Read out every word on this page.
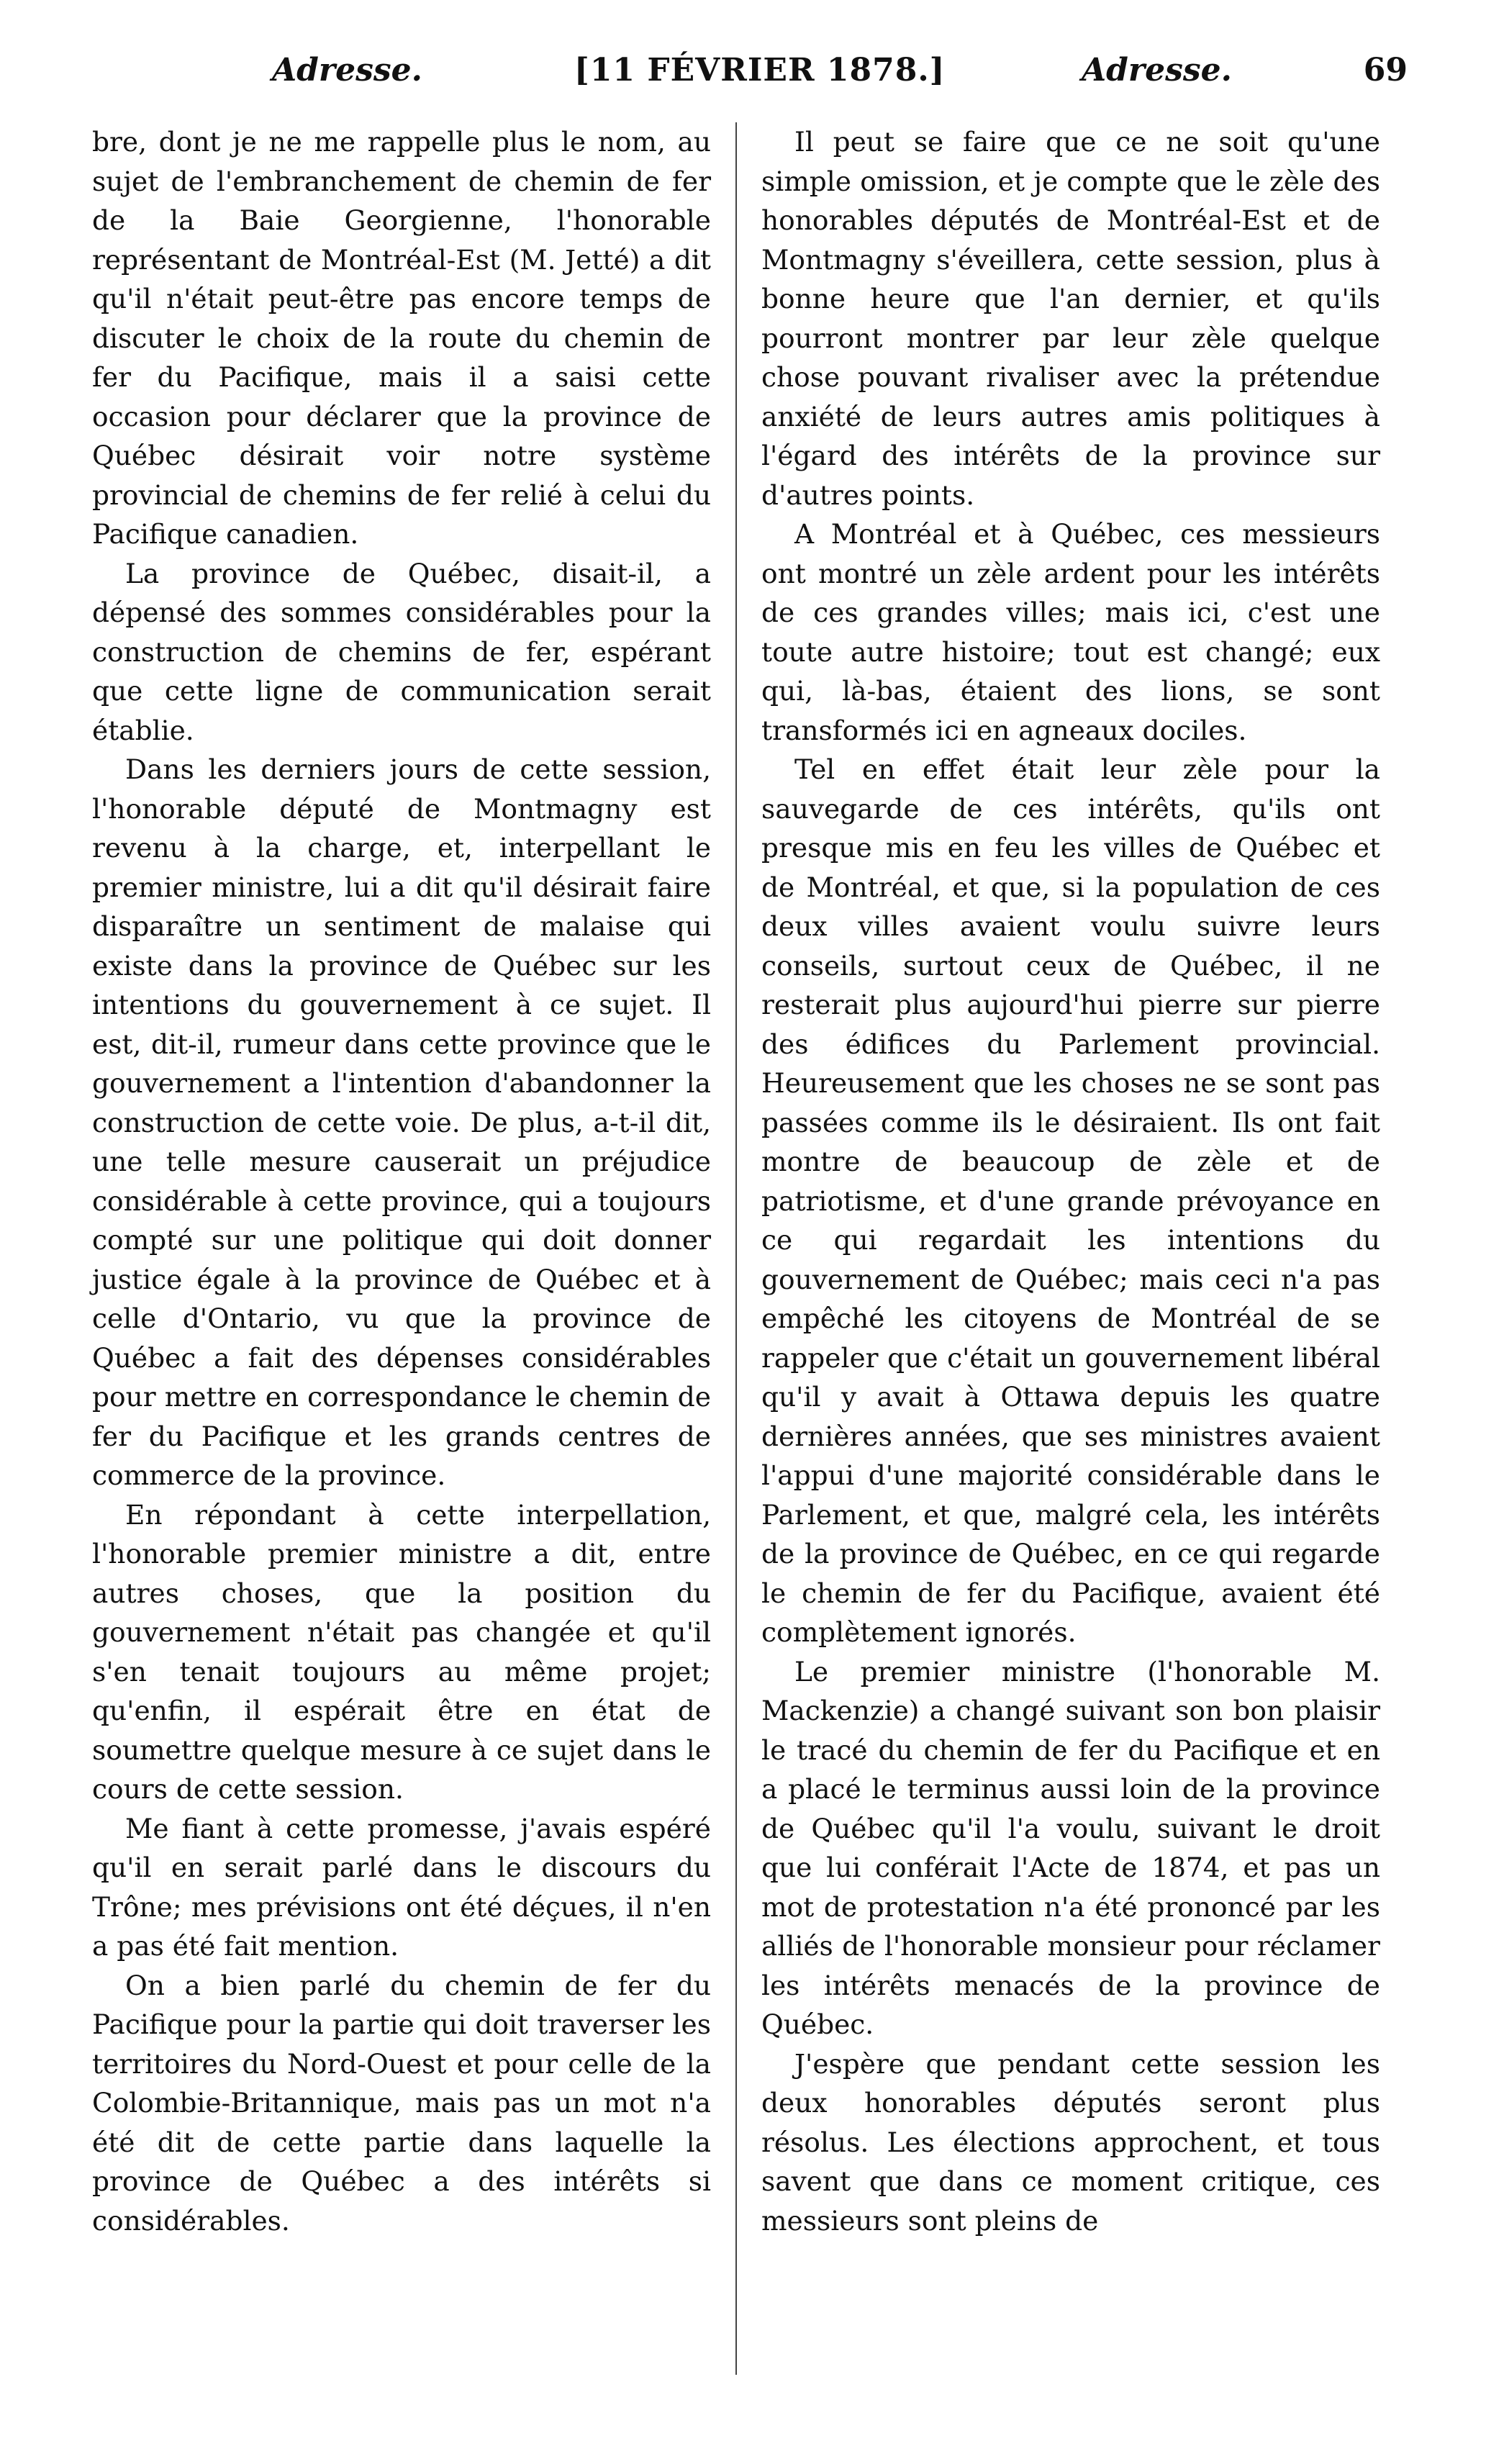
Adresse.	[11 FÉVRIER 1878.]	Adresse.	69

bre, dont je ne me rappelle plus le nom, au sujet de l'embranchement de chemin de fer de la Baie Georgienne, l'honorable représentant de Montréal-Est (M. Jetté) a dit qu'il n'était peut-être pas encore temps de discuter le choix de la route du chemin de fer du Pacifique, mais il a saisi cette occasion pour déclarer que la province de Québec désirait voir notre système provincial de chemins de fer relié à celui du Pacifique canadien.

La province de Québec, disait-il, a dépensé des sommes considérables pour la construction de chemins de fer, espérant que cette ligne de communication serait établie.

Dans les derniers jours de cette session, l'honorable député de Montmagny est revenu à la charge, et, interpellant le premier ministre, lui a dit qu'il désirait faire disparaître un sentiment de malaise qui existe dans la province de Québec sur les intentions du gouvernement à ce sujet. Il est, dit-il, rumeur dans cette province que le gouvernement a l'intention d'abandonner la construction de cette voie. De plus, a-t-il dit, une telle mesure causerait un préjudice considérable à cette province, qui a toujours compté sur une politique qui doit donner justice égale à la province de Québec et à celle d'Ontario, vu que la province de Québec a fait des dépenses considérables pour mettre en correspondance le chemin de fer du Pacifique et les grands centres de commerce de la province.

En répondant à cette interpellation, l'honorable premier ministre a dit, entre autres choses, que la position du gouvernement n'était pas changée et qu'il s'en tenait toujours au même projet; qu'enfin, il espérait être en état de soumettre quelque mesure à ce sujet dans le cours de cette session.

Me fiant à cette promesse, j'avais espéré qu'il en serait parlé dans le discours du Trône; mes prévisions ont été déçues, il n'en a pas été fait mention.

On a bien parlé du chemin de fer du Pacifique pour la partie qui doit traverser les territoires du Nord-Ouest et pour celle de la Colombie-Britannique, mais pas un mot n'a été dit de cette partie dans laquelle la province de Québec a des intérêts si considérables.

Il peut se faire que ce ne soit qu'une simple omission, et je compte que le zèle des honorables députés de Montréal-Est et de Montmagny s'éveillera, cette session, plus à bonne heure que l'an dernier, et qu'ils pourront montrer par leur zèle quelque chose pouvant rivaliser avec la prétendue anxiété de leurs autres amis politiques à l'égard des intérêts de la province sur d'autres points.

A Montréal et à Québec, ces messieurs ont montré un zèle ardent pour les intérêts de ces grandes villes; mais ici, c'est une toute autre histoire; tout est changé; eux qui, là-bas, étaient des lions, se sont transformés ici en agneaux dociles.

Tel en effet était leur zèle pour la sauvegarde de ces intérêts, qu'ils ont presque mis en feu les villes de Québec et de Montréal, et que, si la population de ces deux villes avaient voulu suivre leurs conseils, surtout ceux de Québec, il ne resterait plus aujourd'hui pierre sur pierre des édifices du Parlement provincial. Heureusement que les choses ne se sont pas passées comme ils le désiraient. Ils ont fait montre de beaucoup de zèle et de patriotisme, et d'une grande prévoyance en ce qui regardait les intentions du gouvernement de Québec; mais ceci n'a pas empêché les citoyens de Montréal de se rappeler que c'était un gouvernement libéral qu'il y avait à Ottawa depuis les quatre dernières années, que ses ministres avaient l'appui d'une majorité considérable dans le Parlement, et que, malgré cela, les intérêts de la province de Québec, en ce qui regarde le chemin de fer du Pacifique, avaient été complètement ignorés.

Le premier ministre (l'honorable M. Mackenzie) a changé suivant son bon plaisir le tracé du chemin de fer du Pacifique et en a placé le terminus aussi loin de la province de Québec qu'il l'a voulu, suivant le droit que lui conférait l'Acte de 1874, et pas un mot de protestation n'a été prononcé par les alliés de l'honorable monsieur pour réclamer les intérêts menacés de la province de Québec.

J'espère que pendant cette session les deux honorables députés seront plus résolus. Les élections approchent, et tous savent que dans ce moment critique, ces messieurs sont pleins de
